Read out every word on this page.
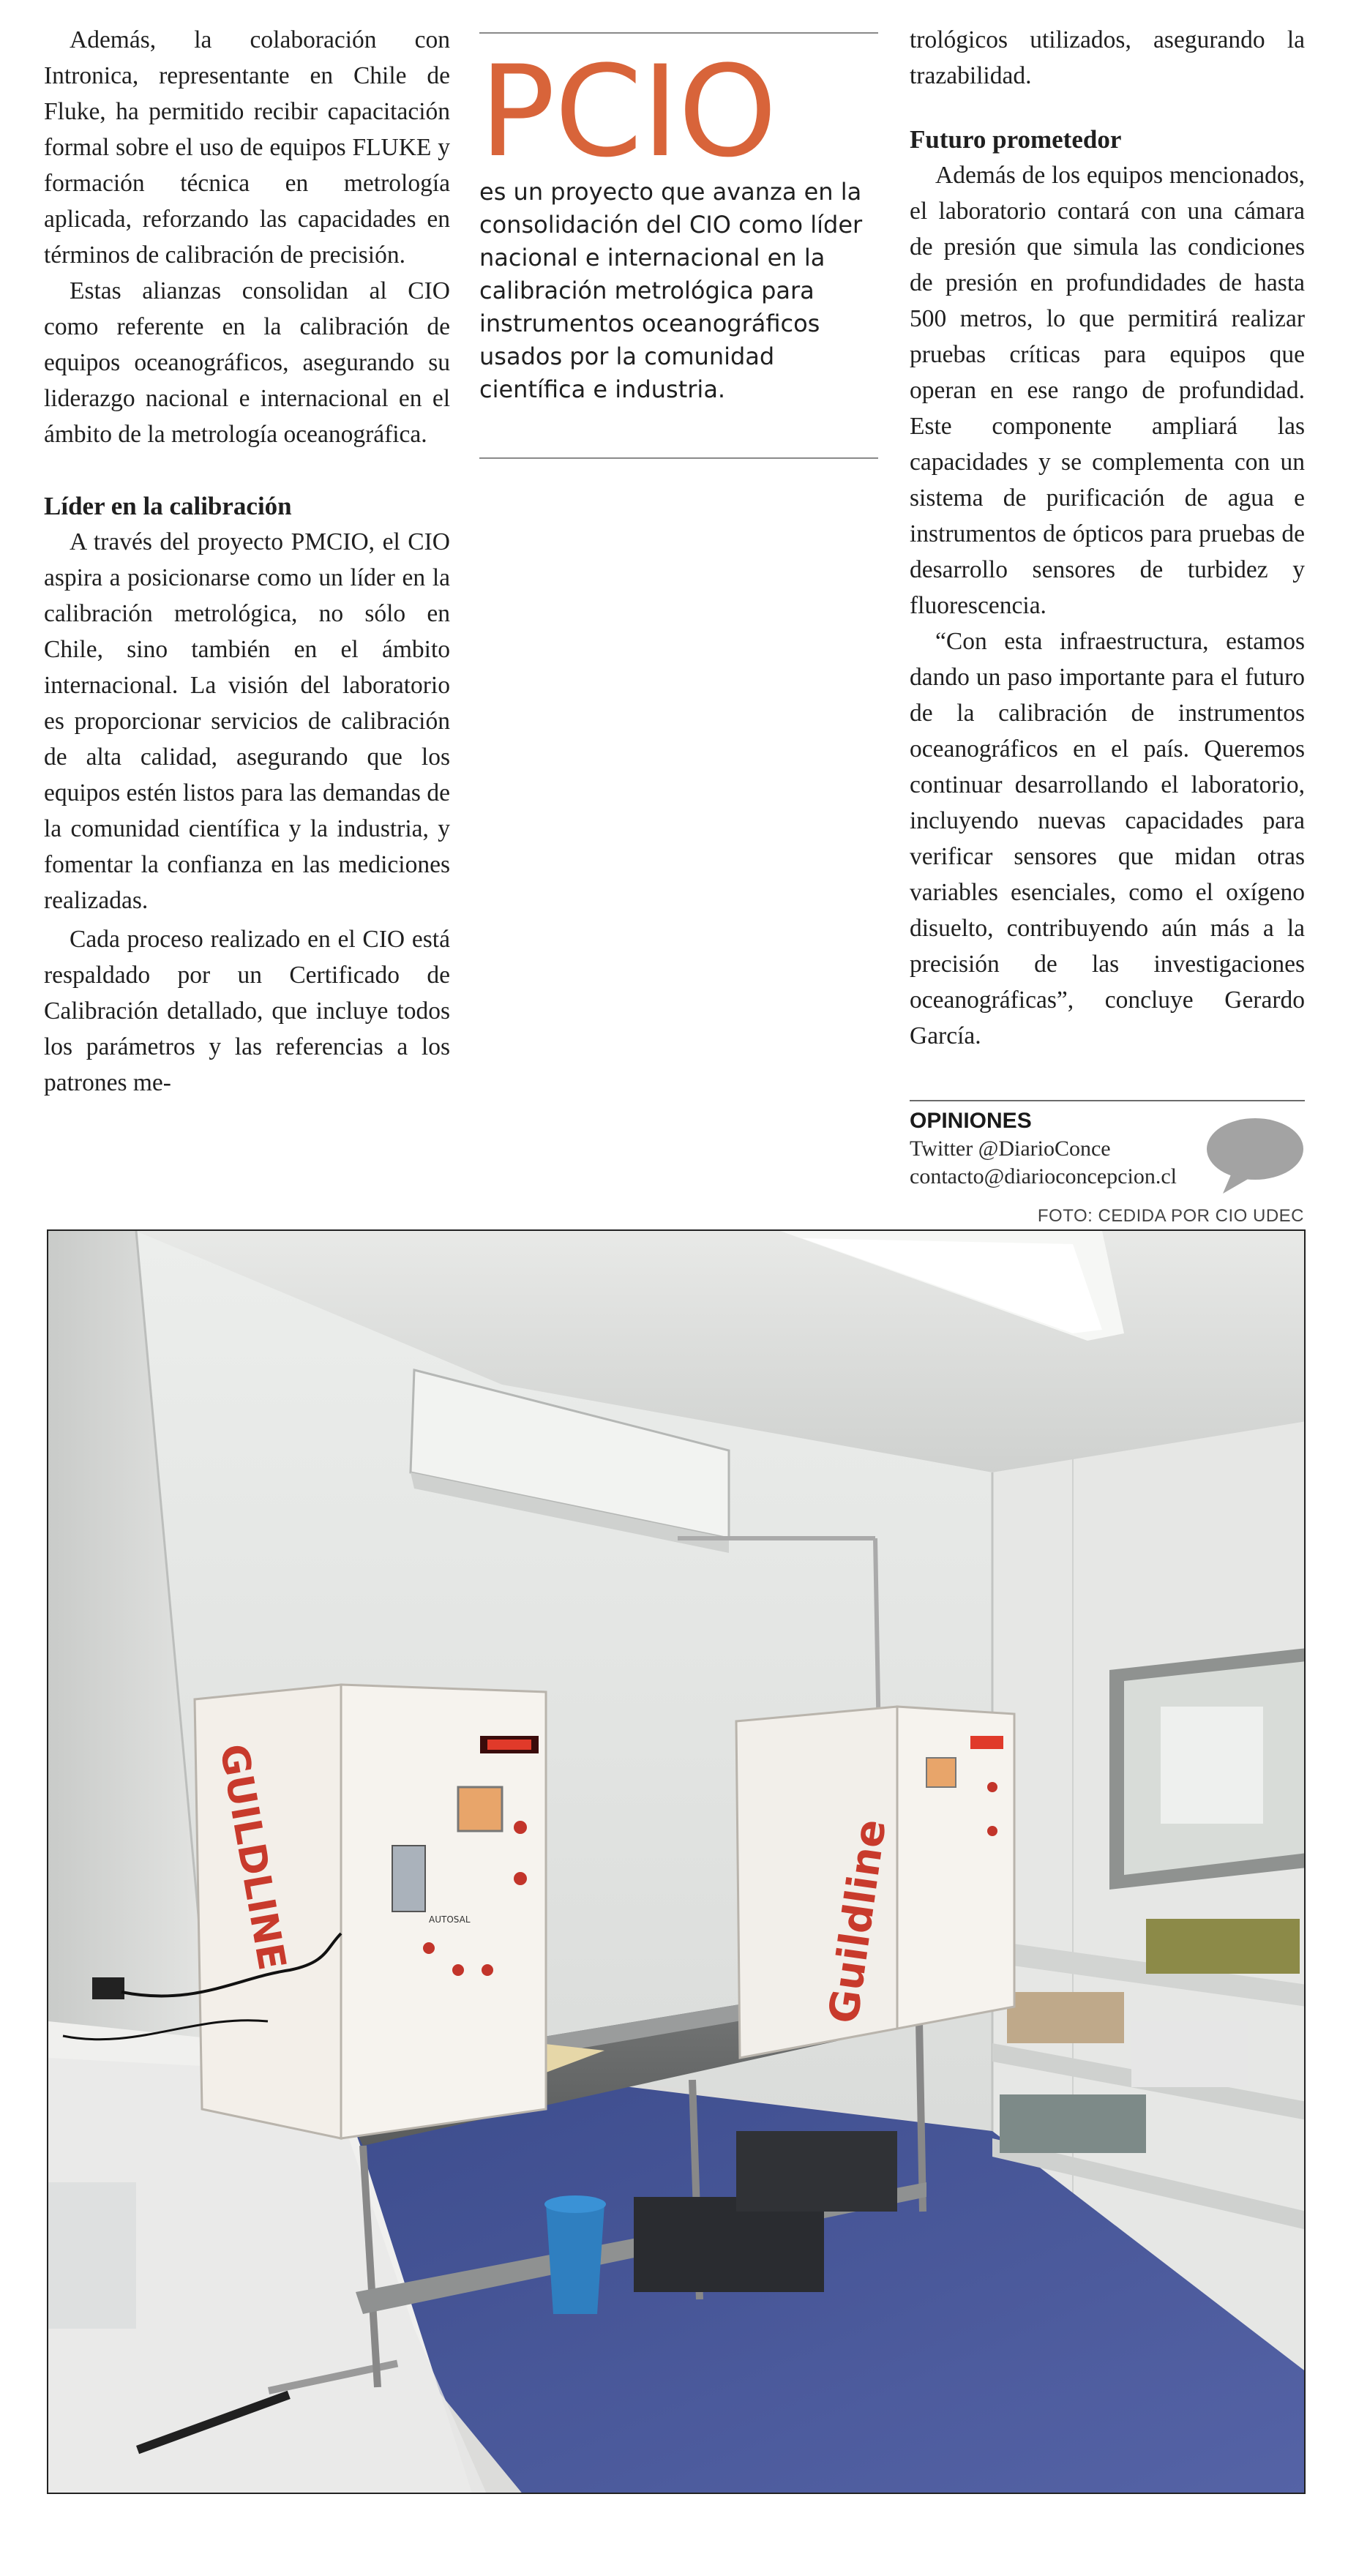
Además, la colaboración con Intronica, representante en Chile de Fluke, ha permitido recibir capacitación formal sobre el uso de equipos FLUKE y formación técnica en metrología aplicada, reforzando las capacidades en términos de calibración de precisión.

Estas alianzas consolidan al CIO como referente en la calibración de equipos oceanográficos, asegurando su liderazgo nacional e internacional en el ámbito de la metrología oceanográfica.

Líder en la calibración

A través del proyecto PMCIO, el CIO aspira a posicionarse como un líder en la calibración metrológica, no sólo en Chile, sino también en el ámbito internacional. La visión del laboratorio es proporcionar servicios de calibración de alta calidad, asegurando que los equipos estén listos para las demandas de la comunidad científica y la industria, y fomentar la confianza en las mediciones realizadas.

Cada proceso realizado en el CIO está respaldado por un Certificado de Calibración detallado, que incluye todos los parámetros y las referencias a los patrones me-

PCIO

es un proyecto que avanza en la consolidación del CIO como líder nacional e internacional en la calibración metrológica para instrumentos oceanográficos usados por la comunidad científica e industria.

trológicos utilizados, asegurando la trazabilidad.

Futuro prometedor

Además de los equipos mencionados, el laboratorio contará con una cámara de presión que simula las condiciones de presión en profundidades de hasta 500 metros, lo que permitirá realizar pruebas críticas para equipos que operan en ese rango de profundidad. Este componente ampliará las capacidades y se complementa con un sistema de purificación de agua e instrumentos de ópticos para pruebas de desarrollo sensores de turbidez y fluorescencia.

“Con esta infraestructura, estamos dando un paso importante para el futuro de la calibración de instrumentos oceanográficos en el país. Queremos continuar desarrollando el laboratorio, incluyendo nuevas capacidades para verificar sensores que midan otras variables esenciales, como el oxígeno disuelto, contribuyendo aún más a la precisión de las investigaciones oceanográficas”, concluye Gerardo García.

OPINIONES
Twitter @DiarioConce
contacto@diarioconcepcion.cl
FOTO: CEDIDA POR CIO UDEC
GUILDLINE	AUTOSAL	Guildline
